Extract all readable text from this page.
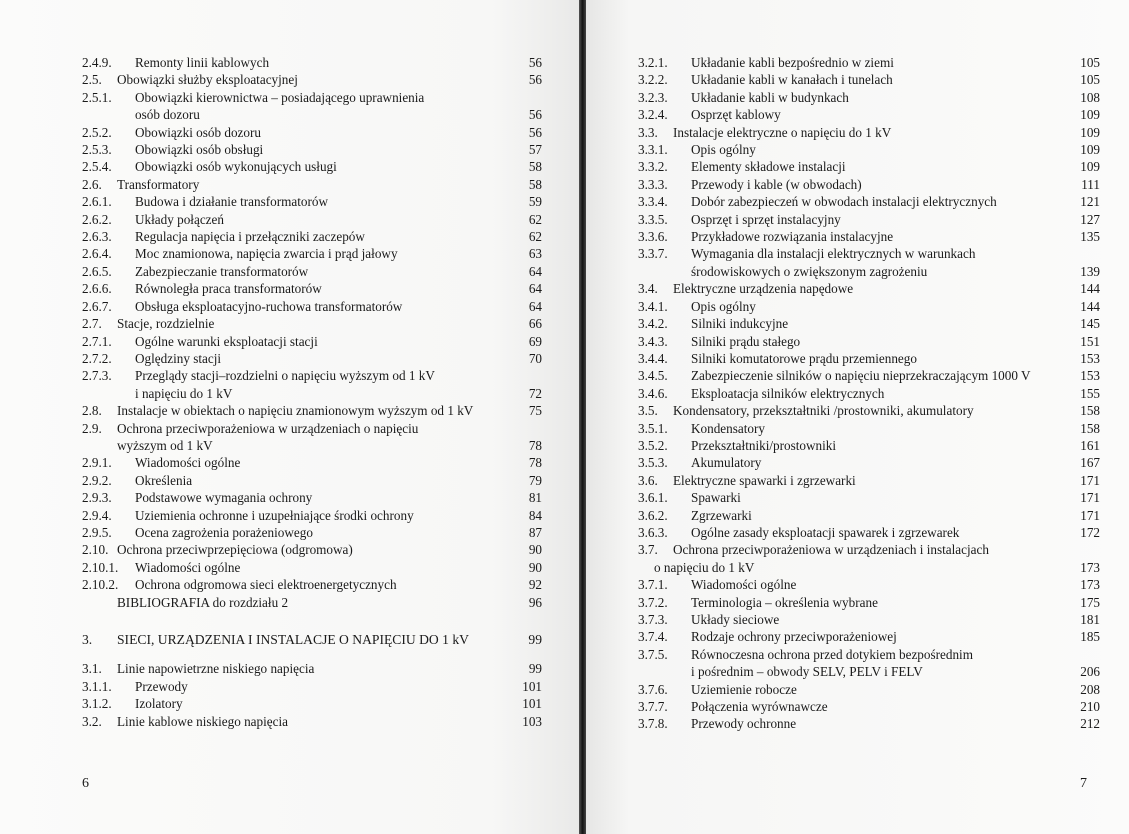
2.4.9.	Remonty linii kablowych	56
2.5.	Obowiązki służby eksploatacyjnej	56
2.5.1.	Obowiązki kierownictwa – posiadającego uprawnienia
osób dozoru	56
2.5.2.	Obowiązki osób dozoru	56
2.5.3.	Obowiązki osób obsługi	57
2.5.4.	Obowiązki osób wykonujących usługi	58
2.6.	Transformatory	58
2.6.1.	Budowa i działanie transformatorów	59
2.6.2.	Układy połączeń	62
2.6.3.	Regulacja napięcia i przełączniki zaczepów	62
2.6.4.	Moc znamionowa, napięcia zwarcia i prąd jałowy	63
2.6.5.	Zabezpieczanie transformatorów	64
2.6.6.	Równoległa praca transformatorów	64
2.6.7.	Obsługa eksploatacyjno-ruchowa transformatorów	64
2.7.	Stacje, rozdzielnie	66
2.7.1.	Ogólne warunki eksploatacji stacji	69
2.7.2.	Oględziny stacji	70
2.7.3.	Przeglądy stacji–rozdzielni o napięciu wyższym od 1 kV
i napięciu do 1 kV	72
2.8.	Instalacje w obiektach o napięciu znamionowym wyższym od 1 kV	75
2.9.	Ochrona przeciwporażeniowa w urządzeniach o napięciu
wyższym od 1 kV	78
2.9.1.	Wiadomości ogólne	78
2.9.2.	Określenia	79
2.9.3.	Podstawowe wymagania ochrony	81
2.9.4.	Uziemienia ochronne i uzupełniające środki ochrony	84
2.9.5.	Ocena zagrożenia porażeniowego	87
2.10. Ochrona przeciwprzepięciowa (odgromowa)	90
2.10.1.	Wiadomości ogólne	90
2.10.2.	Ochrona odgromowa sieci elektroenergetycznych	92
BIBLIOGRAFIA do rozdziału 2	96
3.	SIECI, URZĄDZENIA I INSTALACJE O NAPIĘCIU DO 1 kV	99
3.1.	Linie napowietrzne niskiego napięcia	99
3.1.1.	Przewody	101
3.1.2.	Izolatory	101
3.2.	Linie kablowe niskiego napięcia	103
6
3.2.1.	Układanie kabli bezpośrednio w ziemi	105
3.2.2.	Układanie kabli w kanałach i tunelach	105
3.2.3.	Układanie kabli w budynkach	108
3.2.4.	Osprzęt kablowy	109
3.3.	Instalacje elektryczne o napięciu do 1 kV	109
3.3.1.	Opis ogólny	109
3.3.2.	Elementy składowe instalacji	109
3.3.3.	Przewody i kable (w obwodach)	111
3.3.4.	Dobór zabezpieczeń w obwodach instalacji elektrycznych	121
3.3.5.	Osprzęt i sprzęt instalacyjny	127
3.3.6.	Przykładowe rozwiązania instalacyjne	135
3.3.7.	Wymagania dla instalacji elektrycznych w warunkach
środowiskowych o zwiększonym zagrożeniu	139
3.4.	Elektryczne urządzenia napędowe	144
3.4.1.	Opis ogólny	144
3.4.2.	Silniki indukcyjne	145
3.4.3.	Silniki prądu stałego	151
3.4.4.	Silniki komutatorowe prądu przemiennego	153
3.4.5.	Zabezpieczenie silników o napięciu nieprzekraczającym 1000 V	153
3.4.6.	Eksploatacja silników elektrycznych	155
3.5.	Kondensatory, przekształtniki /prostowniki, akumulatory	158
3.5.1.	Kondensatory	158
3.5.2.	Przekształtniki/prostowniki	161
3.5.3.	Akumulatory	167
3.6.	Elektryczne spawarki i zgrzewarki	171
3.6.1.	Spawarki	171
3.6.2.	Zgrzewarki	171
3.6.3.	Ogólne zasady eksploatacji spawarek i zgrzewarek	172
3.7.	Ochrona przeciwporażeniowa w urządzeniach i instalacjach
o napięciu do 1 kV	173
3.7.1.	Wiadomości ogólne	173
3.7.2.	Terminologia – określenia wybrane	175
3.7.3.	Układy sieciowe	181
3.7.4.	Rodzaje ochrony przeciwporażeniowej	185
3.7.5.	Równoczesna ochrona przed dotykiem bezpośrednim
i pośrednim – obwody SELV, PELV i FELV	206
3.7.6.	Uziemienie robocze	208
3.7.7.	Połączenia wyrównawcze	210
3.7.8.	Przewody ochronne	212
7
